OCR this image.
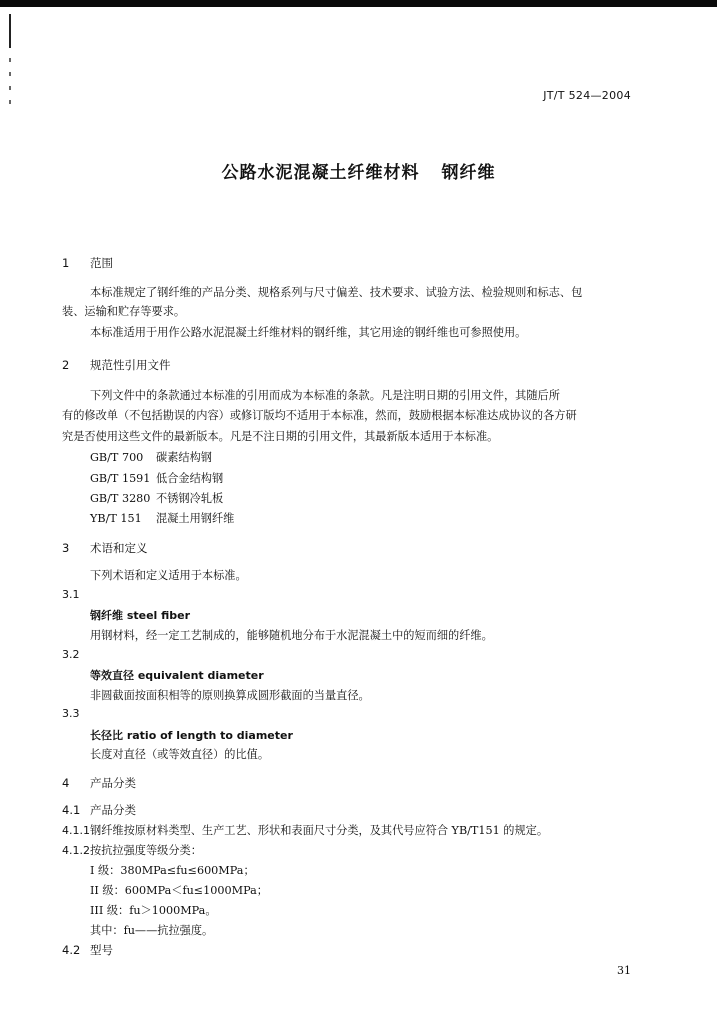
JT/T 524—2004
公路水泥混凝土纤维材料 钢纤维
1 范围
本标准规定了钢纤维的产品分类、规格系列与尺寸偏差、技术要求、试验方法、检验规则和标志、包
装、运输和贮存等要求。
本标准适用于用作公路水泥混凝土纤维材料的钢纤维，其它用途的钢纤维也可参照使用。
2 规范性引用文件
下列文件中的条款通过本标准的引用而成为本标准的条款。凡是注明日期的引用文件，其随后所
有的修改单（不包括勘误的内容）或修订版均不适用于本标准，然而，鼓励根据本标准达成协议的各方研
究是否使用这些文件的最新版本。凡是不注日期的引用文件，其最新版本适用于本标准。
GB/T 700 碳素结构钢
GB/T 1591 低合金结构钢
GB/T 3280 不锈钢冷轧板
YB/T 151 混凝土用钢纤维
3 术语和定义
下列术语和定义适用于本标准。
3.1
钢纤维 steel fiber
用钢材料，经一定工艺制成的，能够随机地分布于水泥混凝土中的短而细的纤维。
3.2
等效直径 equivalent diameter
非圆截面按面积相等的原则换算成圆形截面的当量直径。
3.3
长径比 ratio of length to diameter
长度对直径（或等效直径）的比值。
4 产品分类
4.1 产品分类
4.1.1钢纤维按原材料类型、生产工艺、形状和表面尺寸分类，及其代号应符合 YB/T151 的规定。
4.1.2按抗拉强度等级分类：
I 级：380MPa≤fu≤600MPa；
II 级：600MPa＜fu≤1000MPa；
III 级：fu＞1000MPa。
其中：fu——抗拉强度。
4.2 型号
31
